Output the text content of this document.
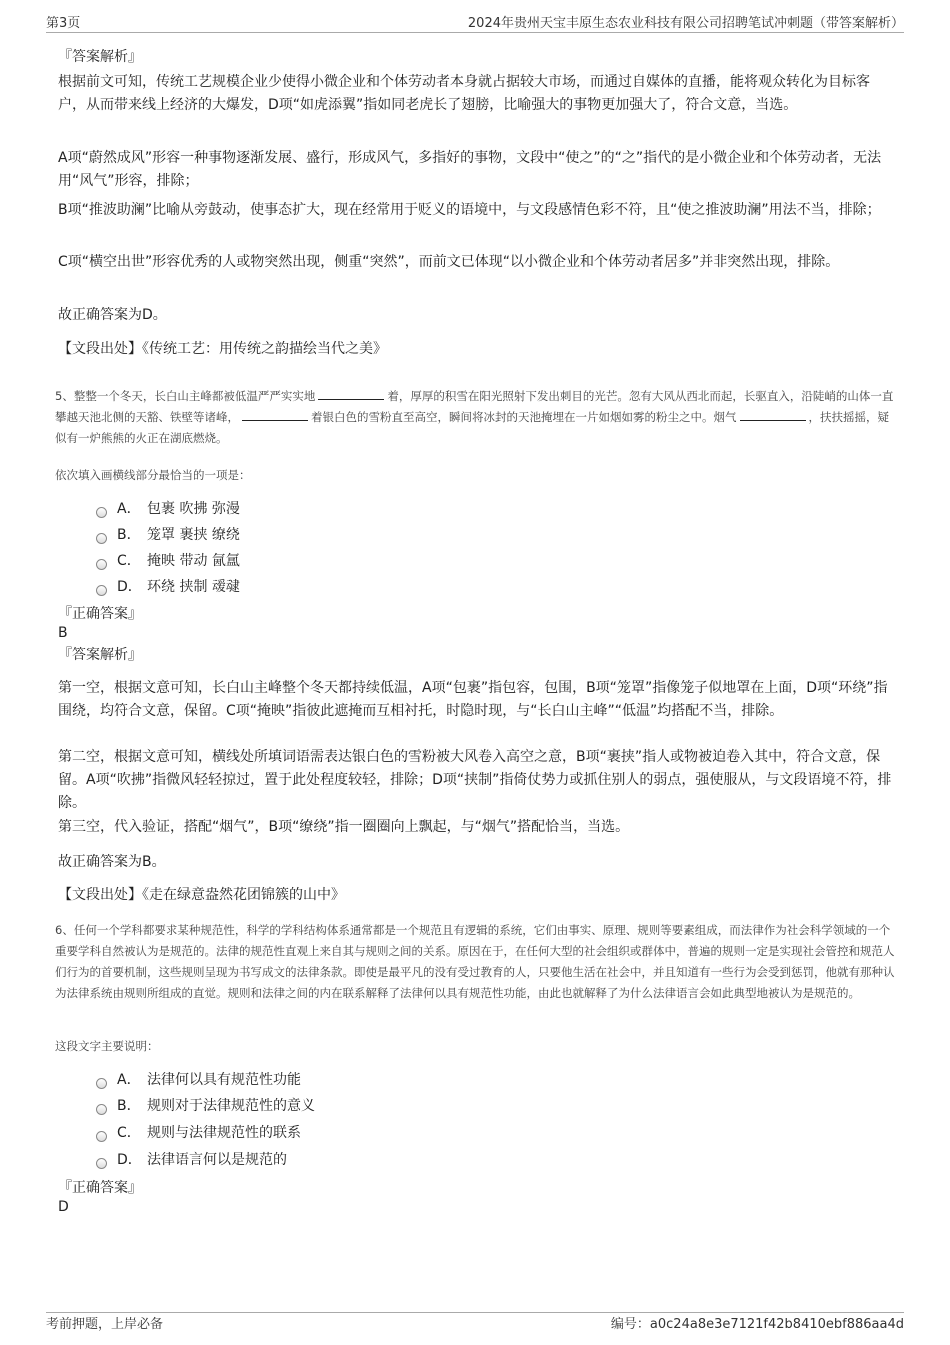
第3页	2024年贵州天宝丰原生态农业科技有限公司招聘笔试冲刺题（带答案解析）
『答案解析』
根据前文可知，传统工艺规模企业少使得小微企业和个体劳动者本身就占据较大市场，而通过自媒体的直播，能将观众转化为目标客户，从而带来线上经济的大爆发，D项“如虎添翼”指如同老虎长了翅膀，比喻强大的事物更加强大了，符合文意，当选。
A项“蔚然成风”形容一种事物逐渐发展、盛行，形成风气，多指好的事物，文段中“使之”的“之”指代的是小微企业和个体劳动者，无法用“风气”形容，排除；
B项“推波助澜”比喻从旁鼓动，使事态扩大，现在经常用于贬义的语境中，与文段感情色彩不符，且“使之推波助澜”用法不当，排除；
C项“横空出世”形容优秀的人或物突然出现，侧重“突然”，而前文已体现“以小微企业和个体劳动者居多”并非突然出现，排除。
故正确答案为D。
【文段出处】《传统工艺：用传统之韵描绘当代之美》
5、整整一个冬天，长白山主峰都被低温严严实实地	着，厚厚的积雪在阳光照射下发出刺目的光芒。忽有大风从西北而起，长驱直入，沿陡峭的山体一直攀越天池北侧的天豁、铁壁等诸峰，	着银白色的雪粉直至高空，瞬间将冰封的天池掩埋在一片如烟如雾的粉尘之中。烟气	，扶扶摇摇，疑似有一炉熊熊的火正在湖底燃烧。
依次填入画横线部分最恰当的一项是：
A． 包裹 吹拂 弥漫
B． 笼罩 裹挟 缭绕
C． 掩映 带动 氤氲
D． 环绕 挟制 叆叇
『正确答案』
B
『答案解析』
第一空，根据文意可知，长白山主峰整个冬天都持续低温，A项“包裹”指包容，包围，B项“笼罩”指像笼子似地罩在上面，D项“环绕”指围绕，均符合文意，保留。C项“掩映”指彼此遮掩而互相衬托，时隐时现，与“长白山主峰”“低温”均搭配不当，排除。
第二空，根据文意可知，横线处所填词语需表达银白色的雪粉被大风卷入高空之意，B项“裹挟”指人或物被迫卷入其中，符合文意，保留。A项“吹拂”指微风轻轻掠过，置于此处程度较轻，排除；D项“挟制”指倚仗势力或抓住别人的弱点，强使服从，与文段语境不符，排除。
第三空，代入验证，搭配“烟气”，B项“缭绕”指一圈圈向上飘起，与“烟气”搭配恰当，当选。
故正确答案为B。
【文段出处】《走在绿意盎然花团锦簇的山中》
6、任何一个学科都要求某种规范性，科学的学科结构体系通常都是一个规范且有逻辑的系统，它们由事实、原理、规则等要素组成，而法律作为社会科学领域的一个重要学科自然被认为是规范的。法律的规范性直观上来自其与规则之间的关系。原因在于，在任何大型的社会组织或群体中，普遍的规则一定是实现社会管控和规范人们行为的首要机制，这些规则呈现为书写成文的法律条款。即使是最平凡的没有受过教育的人，只要他生活在社会中，并且知道有一些行为会受到惩罚，他就有那种认为法律系统由规则所组成的直觉。规则和法律之间的内在联系解释了法律何以具有规范性功能，由此也就解释了为什么法律语言会如此典型地被认为是规范的。
这段文字主要说明：
A． 法律何以具有规范性功能
B． 规则对于法律规范性的意义
C． 规则与法律规范性的联系
D． 法律语言何以是规范的
『正确答案』
D
考前押题，上岸必备	编号：a0c24a8e3e7121f42b8410ebf886aa4d
